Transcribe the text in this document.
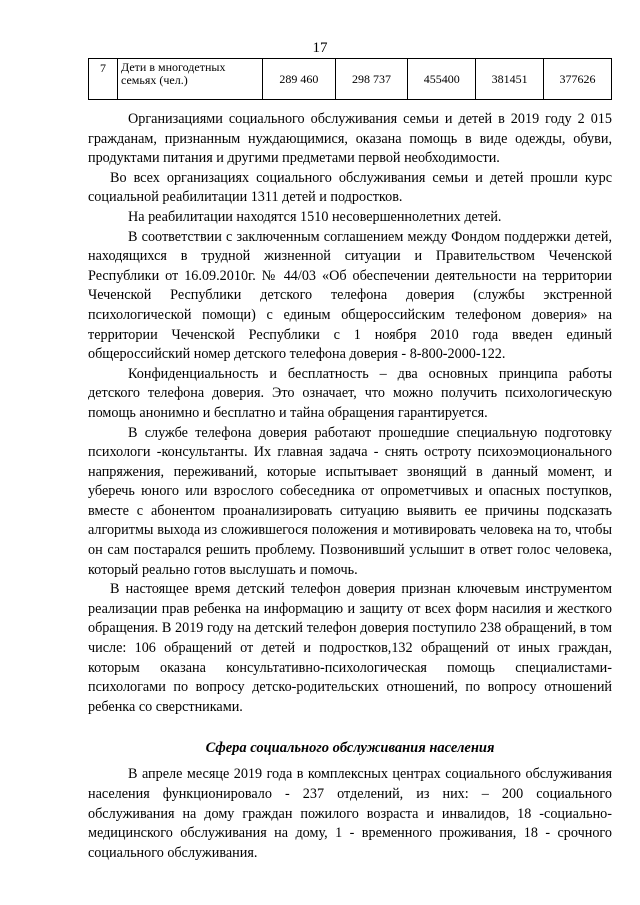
17
7	Дети в многодетных семьях (чел.)	289 460	298 737	455400	381451	377626

Организациями социального обслуживания семьи и детей в 2019 году 2 015 гражданам, признанным нуждающимися, оказана помощь в виде одежды, обуви, продуктами питания и другими предметами первой необходимости.

Во всех организациях социального обслуживания семьи и детей прошли курс социальной реабилитации 1311 детей и подростков.

На реабилитации находятся 1510 несовершеннолетних детей.

В соответствии с заключенным соглашением между Фондом поддержки детей, находящихся в трудной жизненной ситуации и Правительством Чеченской Республики от 16.09.2010г. № 44/03 «Об обеспечении деятельности на территории Чеченской Республики детского телефона доверия (службы экстренной психологической помощи) с единым общероссийским телефоном доверия» на территории Чеченской Республики с 1 ноября 2010 года введен единый общероссийский номер детского телефона доверия - 8-800-2000-122.

Конфиденциальность и бесплатность – два основных принципа работы детского телефона доверия. Это означает, что можно получить психологическую помощь анонимно и бесплатно и тайна обращения гарантируется.

В службе телефона доверия работают прошедшие специальную подготовку психологи -консультанты. Их главная задача - снять остроту психоэмоционального напряжения, переживаний, которые испытывает звонящий в данный момент, и уберечь юного или взрослого собеседника от опрометчивых и опасных поступков, вместе с абонентом проанализировать ситуацию выявить ее причины подсказать алгоритмы выхода из сложившегося положения и мотивировать человека на то, чтобы он сам постарался решить проблему. Позвонивший услышит в ответ голос человека, который реально готов выслушать и помочь.

В настоящее время детский телефон доверия признан ключевым инструментом реализации прав ребенка на информацию и защиту от всех форм насилия и жесткого обращения. В 2019 году на детский телефон доверия поступило 238 обращений, в том числе: 106 обращений от детей и подростков,132 обращений от иных граждан, которым оказана консультативно-психологическая помощь специалистами-психологами по вопросу детско-родительских отношений, по вопросу отношений ребенка со сверстниками.

Сфера социального обслуживания населения

В апреле месяце 2019 года в комплексных центрах социального обслуживания населения функционировало - 237 отделений, из них: – 200 социального обслуживания на дому граждан пожилого возраста и инвалидов, 18 -социально-медицинского обслуживания на дому, 1 - временного проживания, 18 - срочного социального обслуживания.
